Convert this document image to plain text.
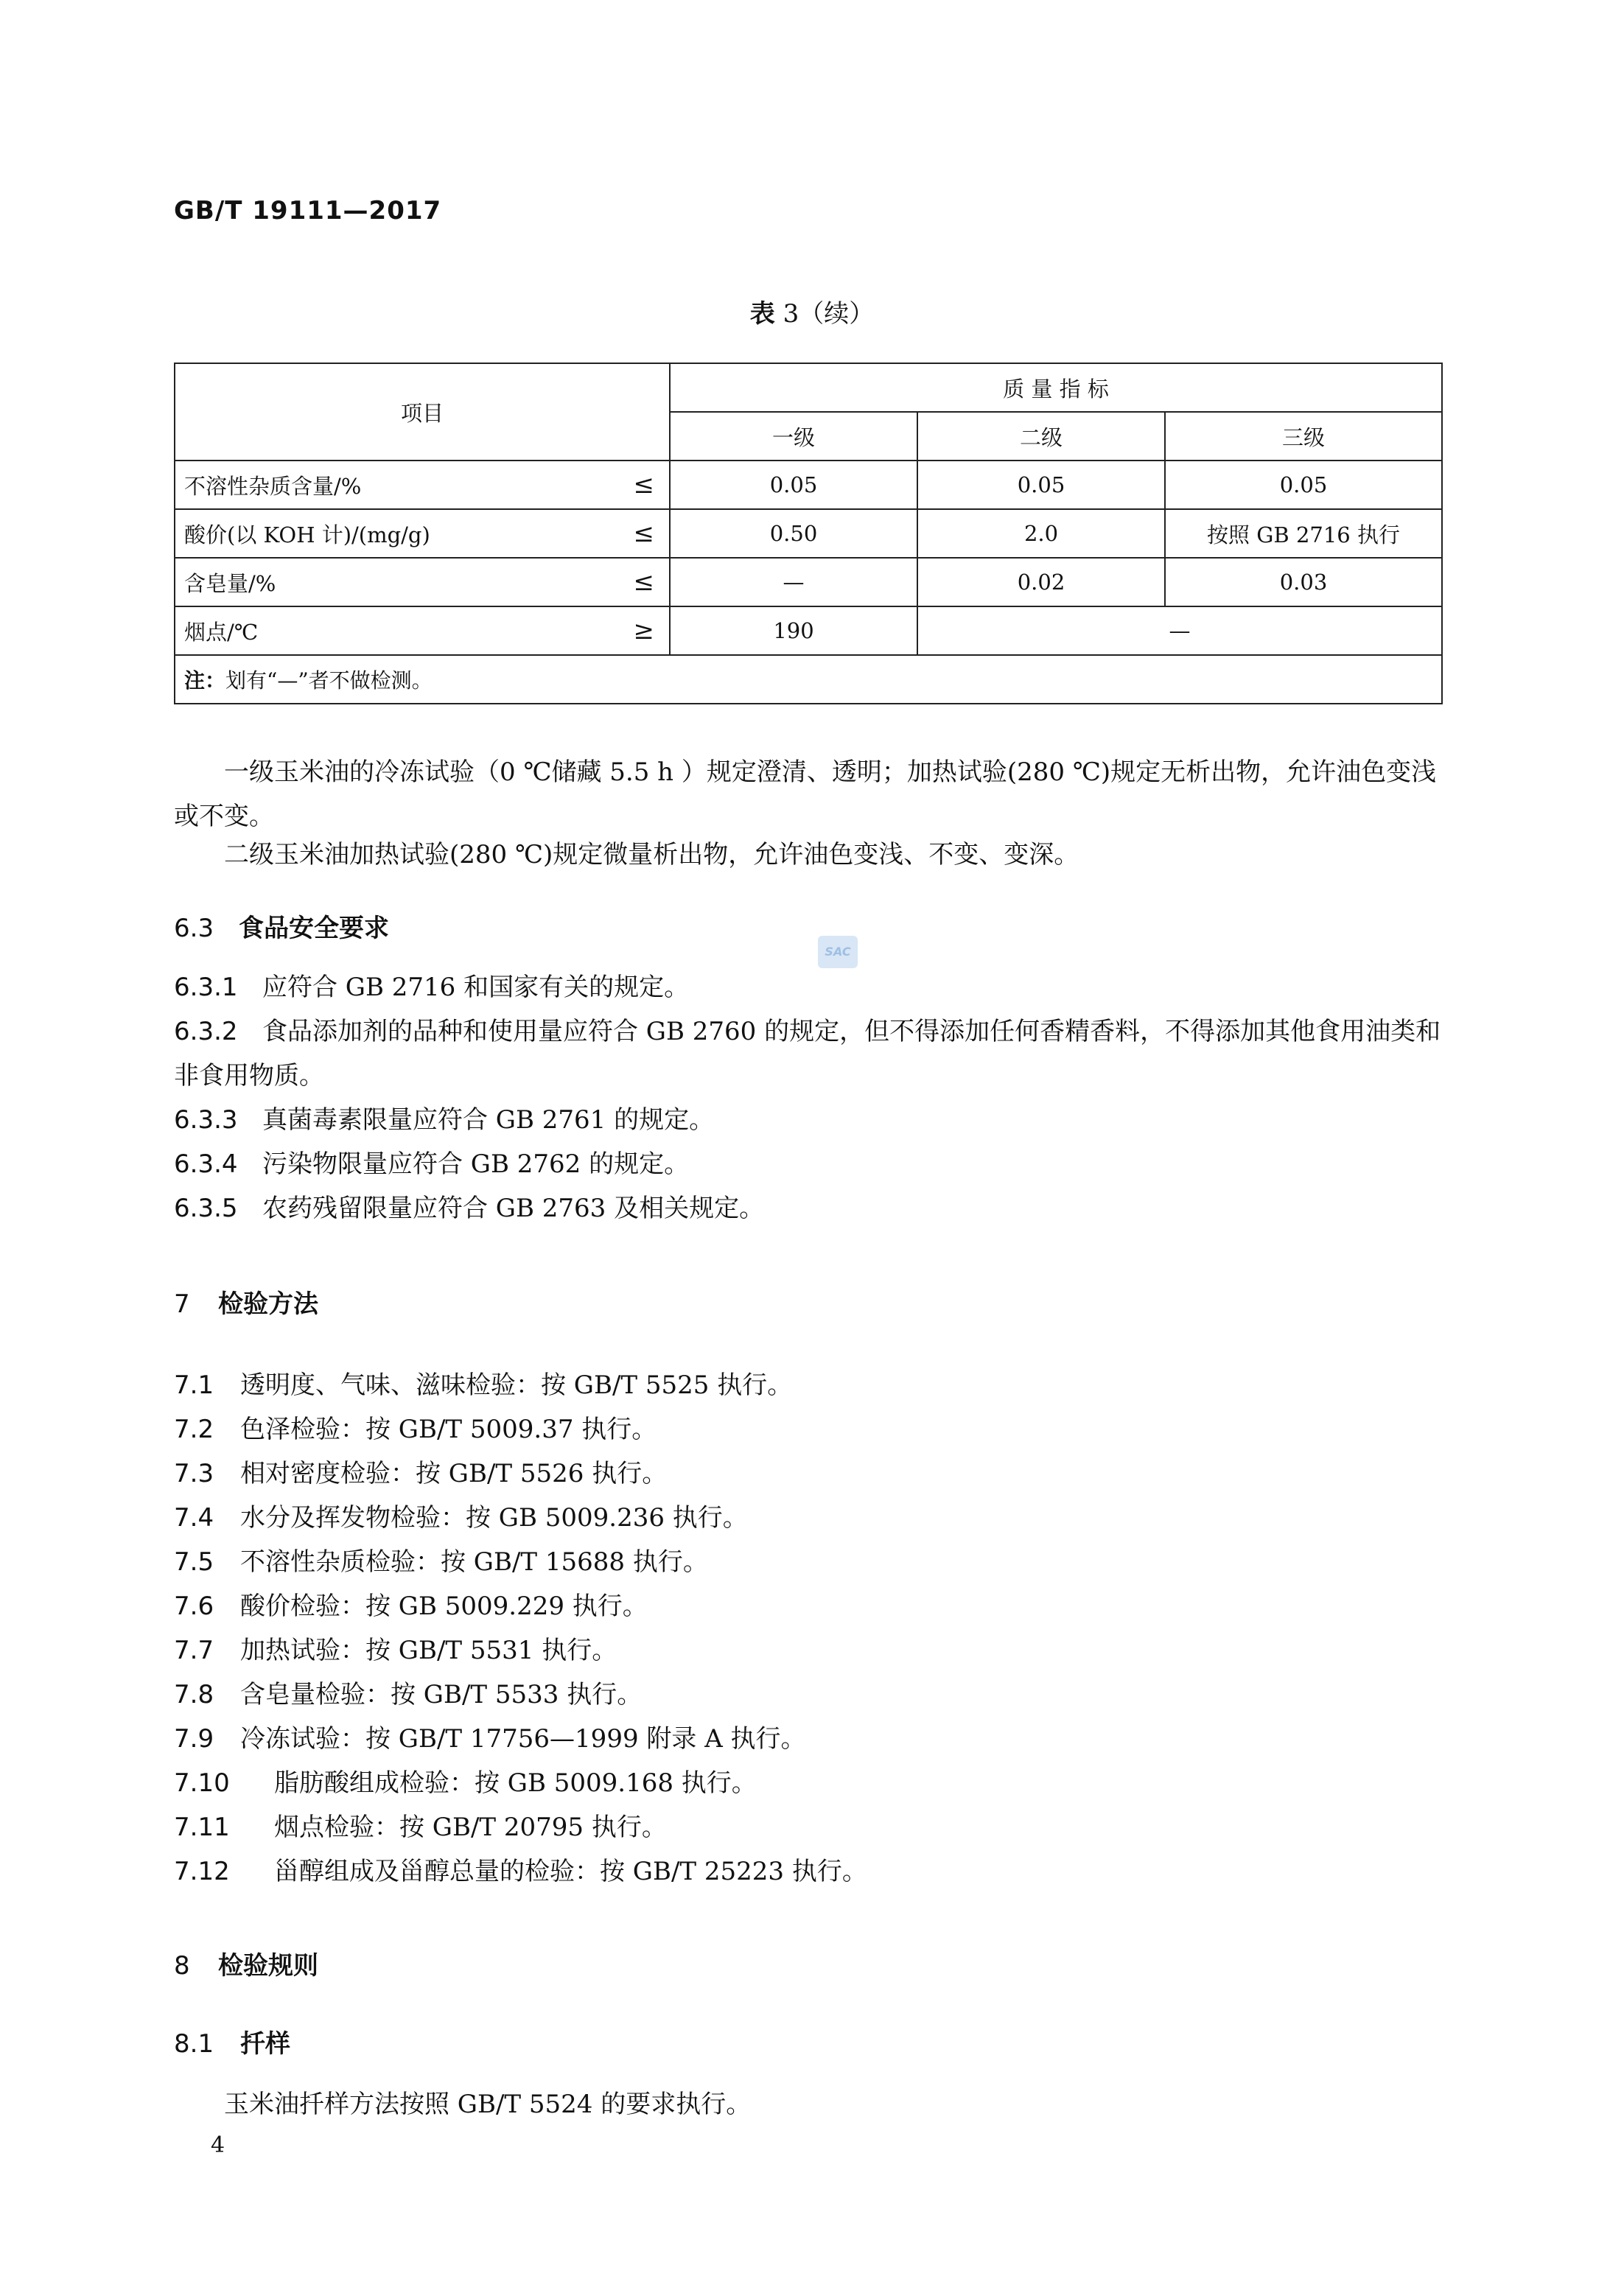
GB/T 19111—2017
表 3（续）
项目	质 量 指 标		
	一级	二级	三级
不溶性杂质含量/% ≤	0.05	0.05	0.05
酸价(以 KOH 计)/(mg/g) ≤	0.50	2.0	按照 GB 2716 执行
含皂量/% ≤	—	0.02	0.03
烟点/℃ ≥	190	—	
注：划有“—”者不做检测。			

一级玉米油的冷冻试验（0 ℃储藏 5.5 h ）规定澄清、透明；加热试验(280 ℃)规定无析出物，允许油色变浅或不变。

二级玉米油加热试验(280 ℃)规定微量析出物，允许油色变浅、不变、变深。

SAC
6.3 食品安全要求

6.3.1 应符合 GB 2716 和国家有关的规定。

6.3.2 食品添加剂的品种和使用量应符合 GB 2760 的规定，但不得添加任何香精香料，不得添加其他食用油类和非食用物质。

6.3.3 真菌毒素限量应符合 GB 2761 的规定。

6.3.4 污染物限量应符合 GB 2762 的规定。

6.3.5 农药残留限量应符合 GB 2763 及相关规定。

7 检验方法

7.1 透明度、气味、滋味检验：按 GB/T 5525 执行。

7.2 色泽检验：按 GB/T 5009.37 执行。

7.3 相对密度检验：按 GB/T 5526 执行。

7.4 水分及挥发物检验：按 GB 5009.236 执行。

7.5 不溶性杂质检验：按 GB/T 15688 执行。

7.6 酸价检验：按 GB 5009.229 执行。

7.7 加热试验：按 GB/T 5531 执行。

7.8 含皂量检验：按 GB/T 5533 执行。

7.9 冷冻试验：按 GB/T 17756—1999 附录 A 执行。

7.10 脂肪酸组成检验：按 GB 5009.168 执行。

7.11 烟点检验：按 GB/T 20795 执行。

7.12 甾醇组成及甾醇总量的检验：按 GB/T 25223 执行。

8 检验规则
8.1 扦样

玉米油扦样方法按照 GB/T 5524 的要求执行。

4
